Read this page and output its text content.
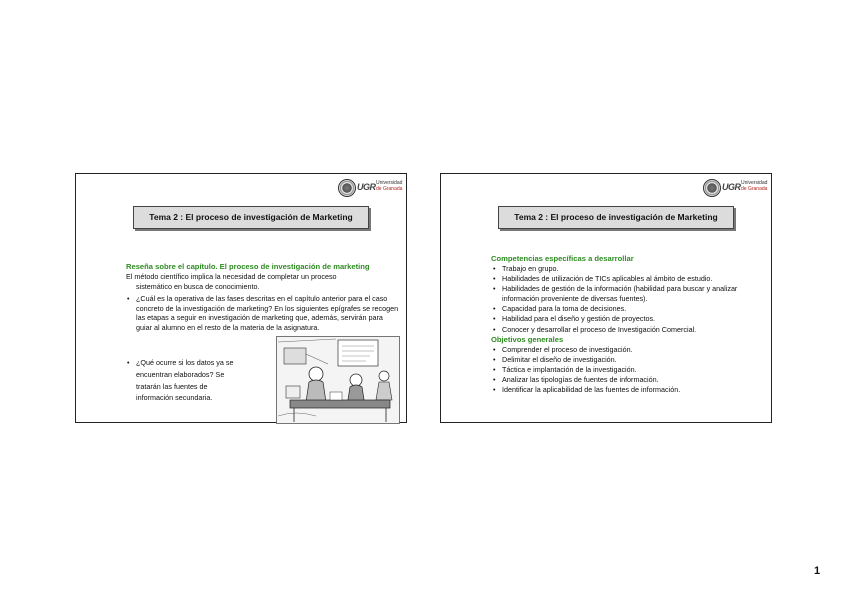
UGR Universidad
de Granada
Tema 2 : El proceso de investigación de Marketing
Reseña sobre el capítulo. El proceso de investigación de marketing
El método científico implica la necesidad de completar un proceso
sistemático en busca de conocimiento.
• ¿Cuál es la operativa de las fases descritas en el capítulo anterior para el caso concreto de la investigación de marketing? En los siguientes epígrafes se recogen las etapas a seguir en investigación de marketing que, además, servirán para guiar al alumno en el resto de la materia de la asignatura.
• ¿Qué ocurre si los datos ya se encuentran elaborados? Se tratarán las fuentes de información secundaria.
UGR Universidad
de Granada
Tema 2 : El proceso de investigación de Marketing
Competencias específicas a desarrollar
• Trabajo en grupo.
• Habilidades de utilización de TICs aplicables al ámbito de estudio.
• Habilidades de gestión de la información (habilidad para buscar y analizar información proveniente de diversas fuentes).
• Capacidad para la toma de decisiones.
• Habilidad para el diseño y gestión de proyectos.
• Conocer y desarrollar el proceso de Investigación Comercial.
Objetivos generales
• Comprender el proceso de investigación.
• Delimitar el diseño de investigación.
• Táctica e implantación de la investigación.
• Analizar las tipologías de fuentes de información.
• Identificar la aplicabilidad de las fuentes de información.
1
